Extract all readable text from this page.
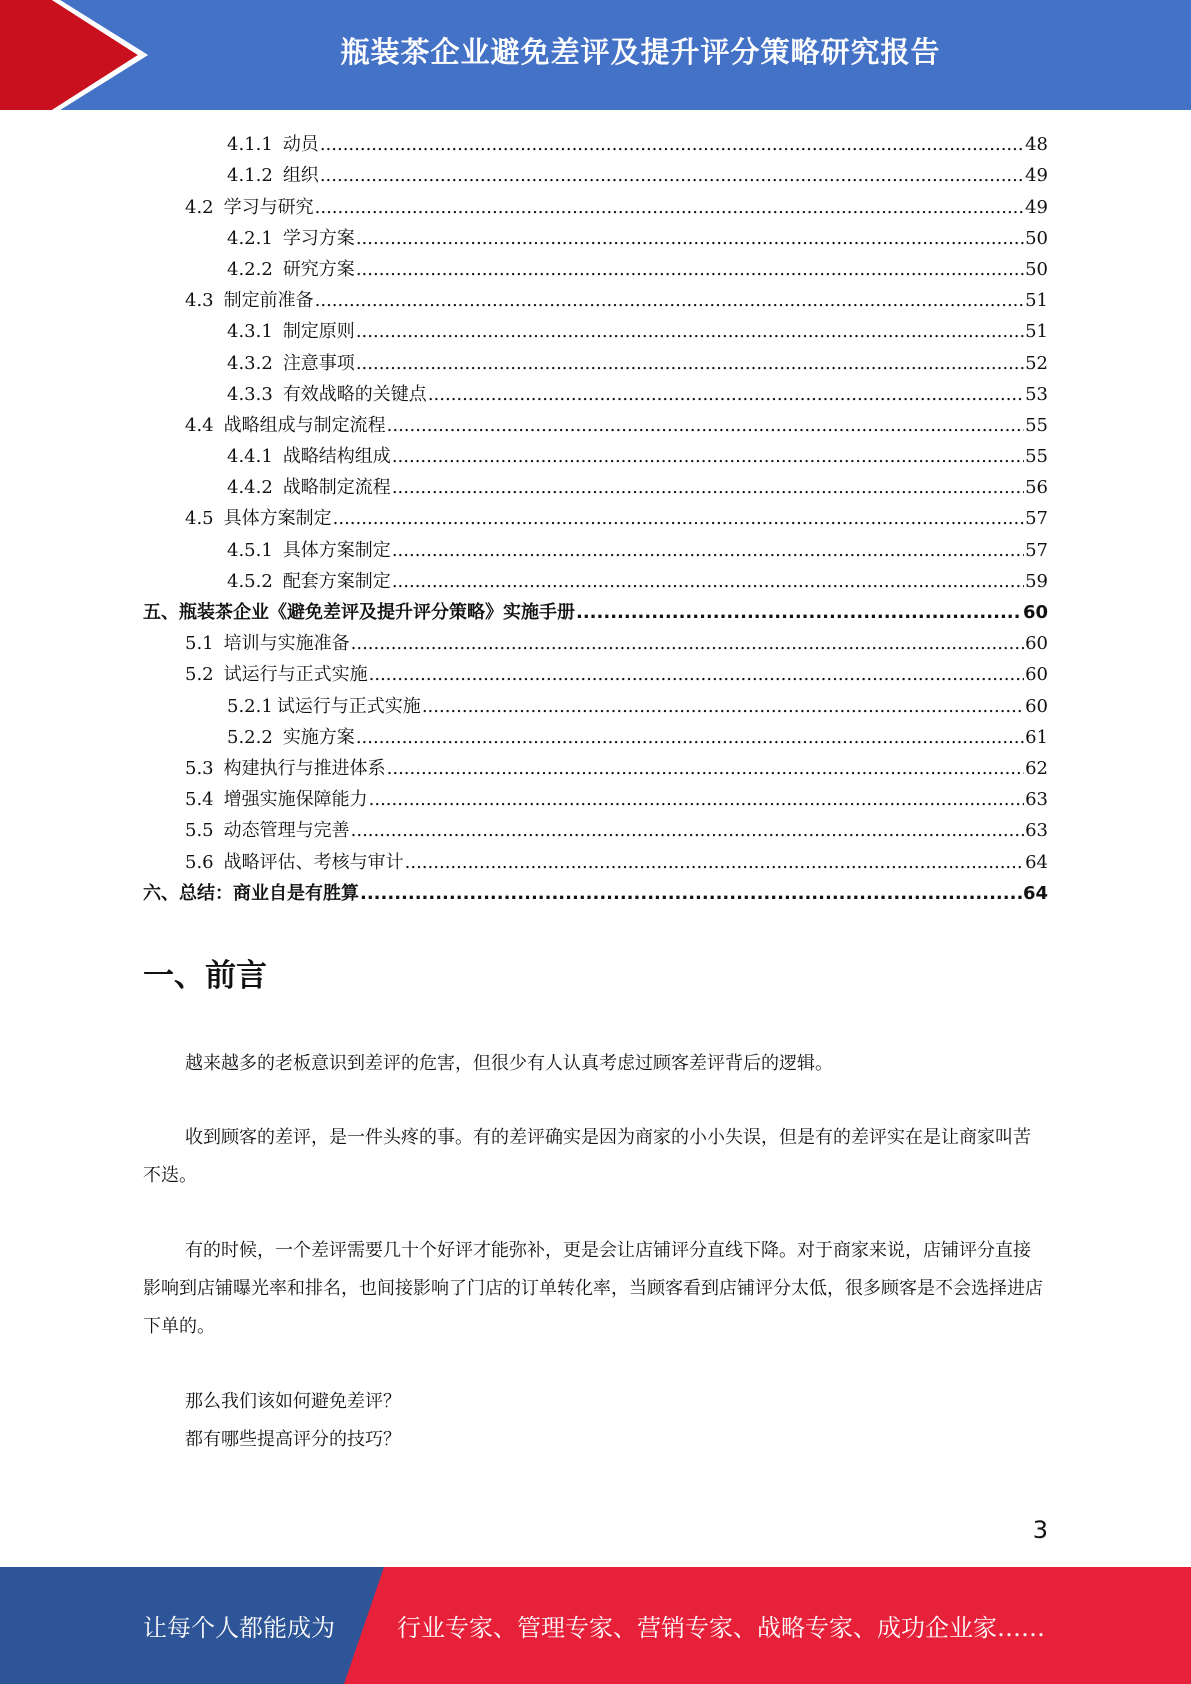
瓶装茶企业避免差评及提升评分策略研究报告
4.1.1 动员 .....	48
4.1.2 组织 .....	49
4.2 学习与研究 .....	49
4.2.1 学习方案 .....	50
4.2.2 研究方案 .....	50
4.3 制定前准备 .....	51
4.3.1 制定原则 .....	51
4.3.2 注意事项 .....	52
4.3.3 有效战略的关键点 .....	53
4.4 战略组成与制定流程 .....	55
4.4.1 战略结构组成 .....	55
4.4.2 战略制定流程 .....	56
4.5 具体方案制定 .....	57
4.5.1 具体方案制定 .....	57
4.5.2 配套方案制定 .....	59
五、瓶装茶企业《避免差评及提升评分策略》实施手册 .....	60
5.1 培训与实施准备 .....	60
5.2 试运行与正式实施 .....	60
5.2.1 试运行与正式实施 .....	60
5.2.2 实施方案 .....	61
5.3 构建执行与推进体系 .....	62
5.4 增强实施保障能力 .....	63
5.5 动态管理与完善 .....	63
5.6 战略评估、考核与审计 .....	64
六、总结：商业自是有胜算 .....	64
一、前言

越来越多的老板意识到差评的危害，但很少有人认真考虑过顾客差评背后的逻辑。

收到顾客的差评，是一件头疼的事。有的差评确实是因为商家的小小失误，但是有的差评实在是让商家叫苦不迭。

有的时候，一个差评需要几十个好评才能弥补，更是会让店铺评分直线下降。对于商家来说，店铺评分直接影响到店铺曝光率和排名，也间接影响了门店的订单转化率，当顾客看到店铺评分太低，很多顾客是不会选择进店下单的。

那么我们该如何避免差评？

都有哪些提高评分的技巧？

3
让每个人都能成为	行业专家、管理专家、营销专家、战略专家、成功企业家……
